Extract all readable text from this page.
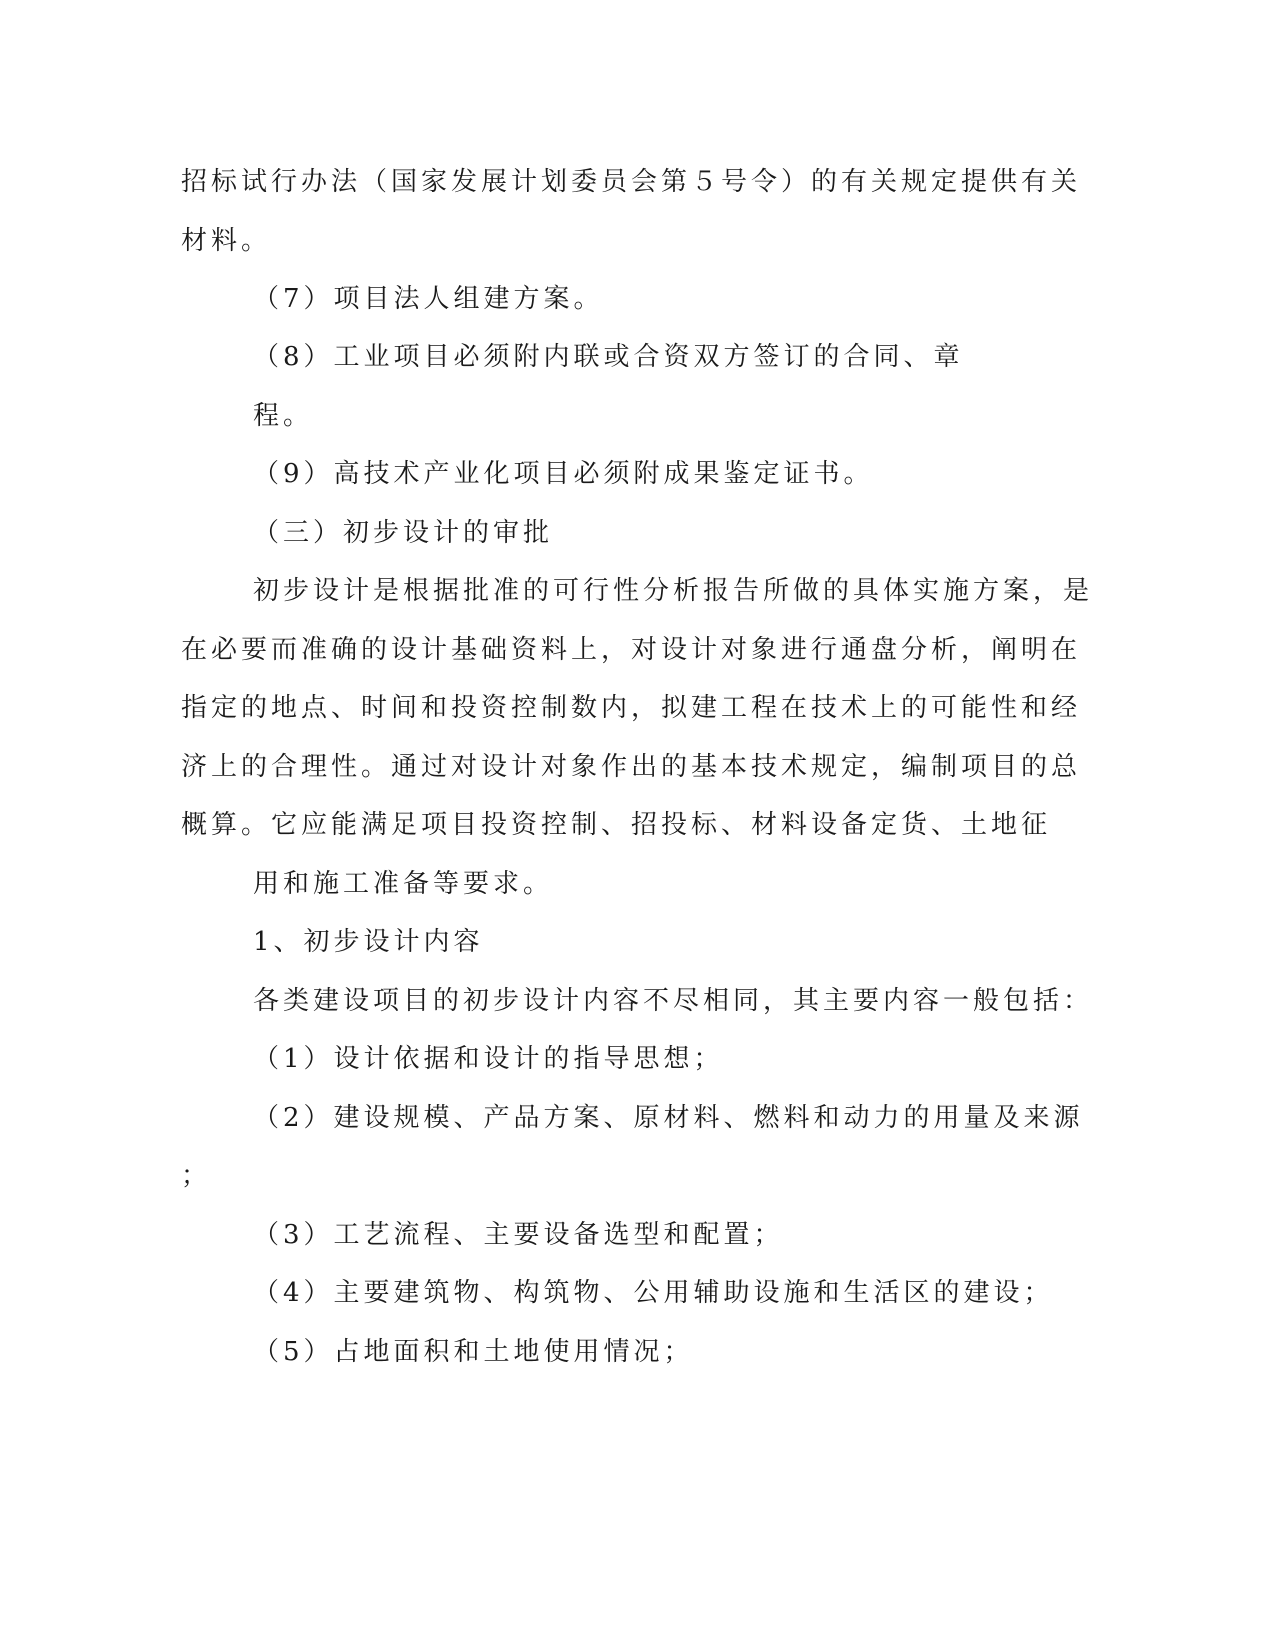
招标试行办法（国家发展计划委员会第５号令）的有关规定提供有关
材料。
（7）项目法人组建方案。
（8）工业项目必须附内联或合资双方签订的合同、章
程。
（9）高技术产业化项目必须附成果鉴定证书。
（三）初步设计的审批
初步设计是根据批准的可行性分析报告所做的具体实施方案，是
在必要而准确的设计基础资料上，对设计对象进行通盘分析，阐明在
指定的地点、时间和投资控制数内，拟建工程在技术上的可能性和经
济上的合理性。通过对设计对象作出的基本技术规定，编制项目的总
概算。它应能满足项目投资控制、招投标、材料设备定货、土地征
用和施工准备等要求。
1、初步设计内容
各类建设项目的初步设计内容不尽相同，其主要内容一般包括：
（1）设计依据和设计的指导思想；
（2）建设规模、产品方案、原材料、燃料和动力的用量及来源
；
（3）工艺流程、主要设备选型和配置；
（4）主要建筑物、构筑物、公用辅助设施和生活区的建设；
（5）占地面积和土地使用情况；
